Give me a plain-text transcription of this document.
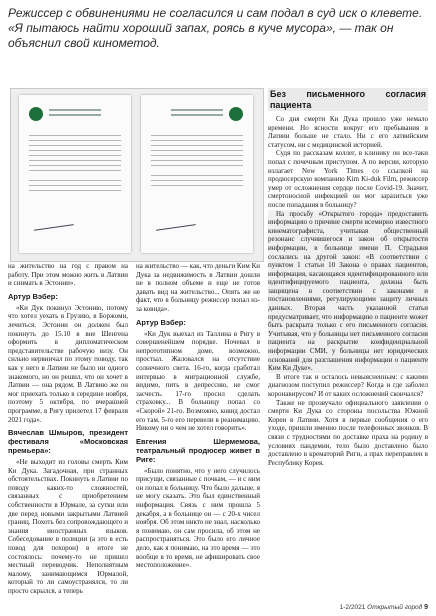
Режиссер с обвинениями не согласился и сам подал в суд иск о клевете. «Я пытаюсь найти хороший запах, роясь в куче мусора», — так он объяснил свой кинометод.

на жительство на год с правом на работу. При этом можно жить в Латвии и снимать в Эстонии».

Артур Вэбер:

«Ки Дук покинул Эстонию, потому что хотел уехать в Грузию, в Боржоми, лечиться. Эстонии он должен был покинуть до 15.10 в вне Шенгена оформить в дипломатическом представительстве рабочую визу. Он сильно нервничал по этому поводу, так как у него в Латвии не было ни одного знакомого, но он решил, что он хочет в Латвии — она рядом. В Латвию же он мог приехать только в середине ноября, поэтому 5 октября, по вчерашней программе, в Ригу прилетел 17 февраля 2021 года».

Вячеслав Шмыров, президент фестиваля «Московская премьера»:

«Не выходит из головы смерть Ким Ки Дука. Загадочная, при странных обстоятельствах. Покинуть в Латвии по поводу каких-то сложностей, связанных с приобретением собственности в Юрмале, за сутки или две перед новыми закрытыми Латвией границ. Похоть без сопровождающего и знания иностранных языков. Собеседование в полиции (а это в есть повод для похорон) в итоге не состоялось: почему-то не пришел местный переводчик. Неполнятным малому, занимающимся Юрмалой, который то ли самоустранялся, то ли просто скрылся, а теперь

на жительство — как, что деньги Ким Ки Дука за недвижимость в Латвии дошли не в полном объеме и еще не готов давать вид на жительство... Опять же не факт, что в больницу режиссер попал из-за ковида».

Артур Вэбер:

«Ки Дук выехал из Таллина в Ригу в совершенейшем порядке. Ночевал в непрототипном доме, возможно, простыл. Жаловался на отсутствие солнечного света. 16-го, когда сработал интервью в миграционной службе, видимо, пить в депрессию, не смог засчесть. 17-го просил сделать страховку... В больницу попал со «Скорой» 21-го. Возможно, ковид достал его там. 5-го его перевели в реанимацию. Никому ни о чем не хотел говорить».

Евгения Шермемова, театральный продюсер живет в Риге:

«Было понятно, что у него случилось присущи, связанные с почкам, — и с ним он попал в больницу. Что было дальше, я не могу сказать. Это был единственный информация. Связь с ним прошла 5 декабря, а в больнице он — с 20-х чисел ноября. Об этом никто не знал, насколько я понимаю, он сам просила, об этом не распространяться. Это было его личное дело, как я понимаю, на это время — это вообще в то время, не афишировать свое местоположение».

Без письменного согласия пациента

Со дня смерти Ки Дука прошло уже немало времени. Но ясности вокруг его пребывания в Латвии больше не стало. Ни с его латвийским статусом, ни с медицинской историей.

Судя по рассказам коллег, в клинику он все-таки попал с почечным приступом. А по версии, которую излагает New York Times со ссылкой на продюсерскую компанию Kim Ki-duk Film, режиссер умер от осложнения сердце после Covid-19. Значит, смертоносной инфекцией он мог заразиться уже после попадания в больницу?

На просьбу «Открытого города» предоставить информацию о причине смерти всемирно известного кинематографиста, учитывая общественный резонанс случившегося и закон об открытости информации, в больнице имени П. Страдыня сослались на другой закон: «В соответствии с пунктом 1 статьи 10 Закона о правах пациентов, информация, касающаяся идентифицированного или идентифицируемого пациента, должна быть защищена в соответствии с законами и постановлениями, регулирующими защиту личных данных. Вторая часть указанной статьи предусматривает, что информацию о пациенте может быть раскрыта только с его письменного согласия. Учитывая, что у больницы нет письменного согласия пациента на раскрытие конфиденциальной информации СМИ, у больницы нет юридических оснований для разглашения информации о пациенте Ким Ки Дуке».

В итоге так и осталось невыясненным: с какими диагнозом поступил режиссер? Когда и где заболел коронавирусом? И от каких осложнений скончался?

Также не прозвучало официального заявления о смерти Ки Дука со стороны посольства Южной Кореи в Латвии. Хотя в первые сообщения о его уходе, пришли именно после телефонных звонков. В связи с трудностями по доставке праха на родину в условиях пандемии, тело было доставлено было доставлено в крематорий Риги, а прах переправлен в Республику Корея.

1-2/2021 Открытый город 9
